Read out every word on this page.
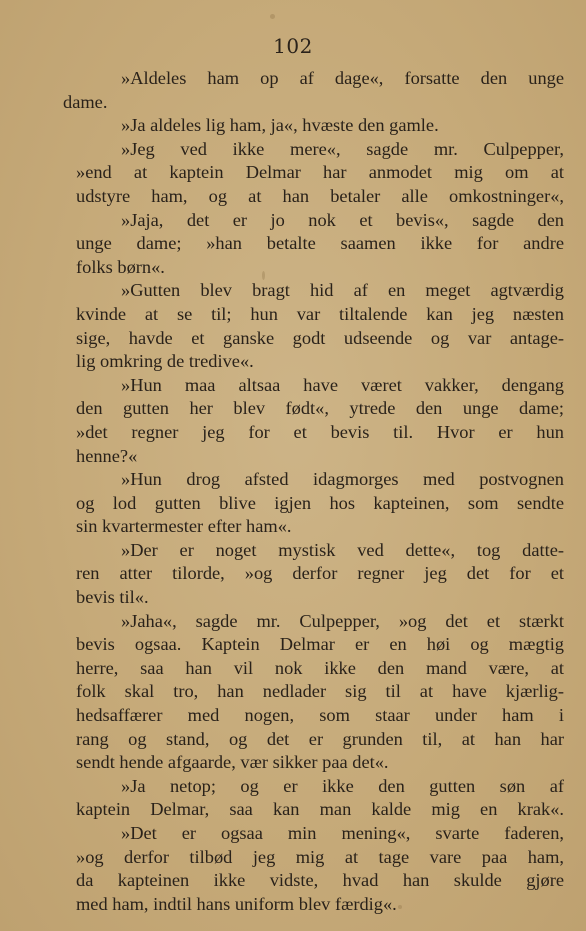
102
»Aldeles ham op af dage«, forsatte den unge
dame.
»Ja aldeles lig ham, ja«, hvæste den gamle.
»Jeg ved ikke mere«, sagde mr. Culpepper,
»end at kaptein Delmar har anmodet mig om at
udstyre ham, og at han betaler alle omkostninger«,
»Jaja, det er jo nok et bevis«, sagde den
unge dame; »han betalte saamen ikke for andre
folks børn«.
»Gutten blev bragt hid af en meget agtværdig
kvinde at se til; hun var tiltalende kan jeg næsten
sige, havde et ganske godt udseende og var antage-
lig omkring de tredive«.
»Hun maa altsaa have været vakker, dengang
den gutten her blev født«, ytrede den unge dame;
»det regner jeg for et bevis til. Hvor er hun
henne?«
»Hun drog afsted idagmorges med postvognen
og lod gutten blive igjen hos kapteinen, som sendte
sin kvartermester efter ham«.
»Der er noget mystisk ved dette«, tog datte-
ren atter tilorde, »og derfor regner jeg det for et
bevis til«.
»Jaha«, sagde mr. Culpepper, »og det et stærkt
bevis ogsaa. Kaptein Delmar er en høi og mægtig
herre, saa han vil nok ikke den mand være, at
folk skal tro, han nedlader sig til at have kjærlig-
hedsaffærer med nogen, som staar under ham i
rang og stand, og det er grunden til, at han har
sendt hende afgaarde, vær sikker paa det«.
»Ja netop; og er ikke den gutten søn af
kaptein Delmar, saa kan man kalde mig en krak«.
»Det er ogsaa min mening«, svarte faderen,
»og derfor tilbød jeg mig at tage vare paa ham,
da kapteinen ikke vidste, hvad han skulde gjøre
med ham, indtil hans uniform blev færdig«.
